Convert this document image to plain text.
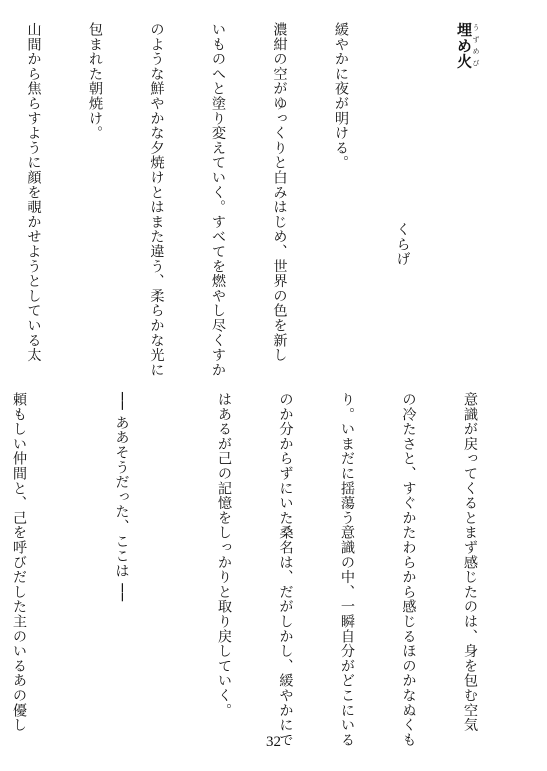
埋め火 うずめび

くらげ

緩やかに夜が明ける。

濃紺の空がゆっくりと白みはじめ、世界の色を新し

いものへと塗り変えていく。すべてを燃やし尽くすか

のような鮮やかな夕焼けとはまた違う、柔らかな光に

包まれた朝焼け。

山間から焦らすように顔を覗かせようとしている太

意識が戻ってくるとまず感じたのは、身を包む空気

の冷たさと、すぐかたわらから感じるほのかなぬくも

り。いまだに揺蕩う意識の中、一瞬自分がどこにいる

のか分からずにいた桑名は、だがしかし、緩やかにで

はあるが己の記憶をしっかりと取り戻していく。

── ああそうだった、ここは ──

頼もしい仲間と、己を呼びだした主のいるあの優し

32
